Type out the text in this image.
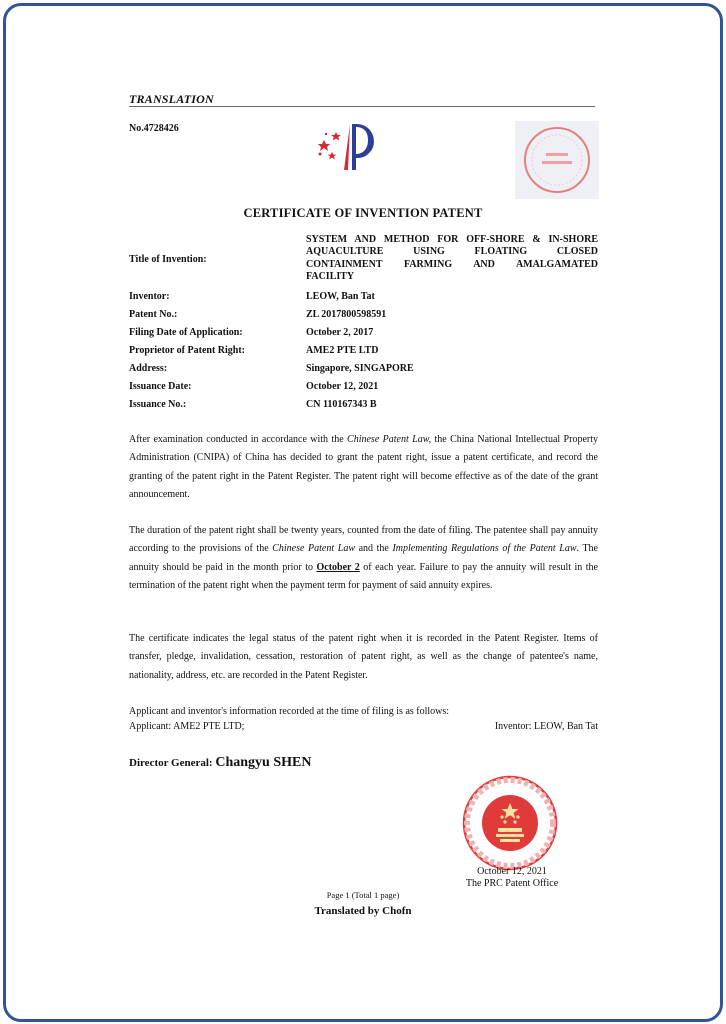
TRANSLATION
No.4728426
CERTIFICATE OF INVENTION PATENT
Title of Invention:
SYSTEM AND METHOD FOR OFF-SHORE & IN-SHORE
AQUACULTURE USING FLOATING CLOSED
CONTAINMENT FARMING AND AMALGAMATED
FACILITY
Inventor:	LEOW, Ban Tat
Patent No.:	ZL 2017800598591
Filing Date of Application:	October 2, 2017
Proprietor of Patent Right:	AME2 PTE LTD
Address:	Singapore, SINGAPORE
Issuance Date:	October 12, 2021
Issuance No.:	CN 110167343 B
After examination conducted in accordance with the Chinese Patent Law, the China National Intellectual Property Administration (CNIPA) of China has decided to grant the patent right, issue a patent certificate, and record the granting of the patent right in the Patent Register. The patent right will become effective as of the date of the grant announcement.
The duration of the patent right shall be twenty years, counted from the date of filing. The patentee shall pay annuity according to the provisions of the Chinese Patent Law and the Implementing Regulations of the Patent Law. The annuity should be paid in the month prior to October 2 of each year. Failure to pay the annuity will result in the termination of the patent right when the payment term for payment of said annuity expires.
The certificate indicates the legal status of the patent right when it is recorded in the Patent Register. Items of transfer, pledge, invalidation, cessation, restoration of patent right, as well as the change of patentee's name, nationality, address, etc. are recorded in the Patent Register.
Applicant and inventor's information recorded at the time of filing is as follows:
Applicant: AME2 PTE LTD;	Inventor: LEOW, Ban Tat
Director General: Changyu SHEN
October 12, 2021
The PRC Patent Office
Page 1 (Total 1 page)
Translated by Chofn
